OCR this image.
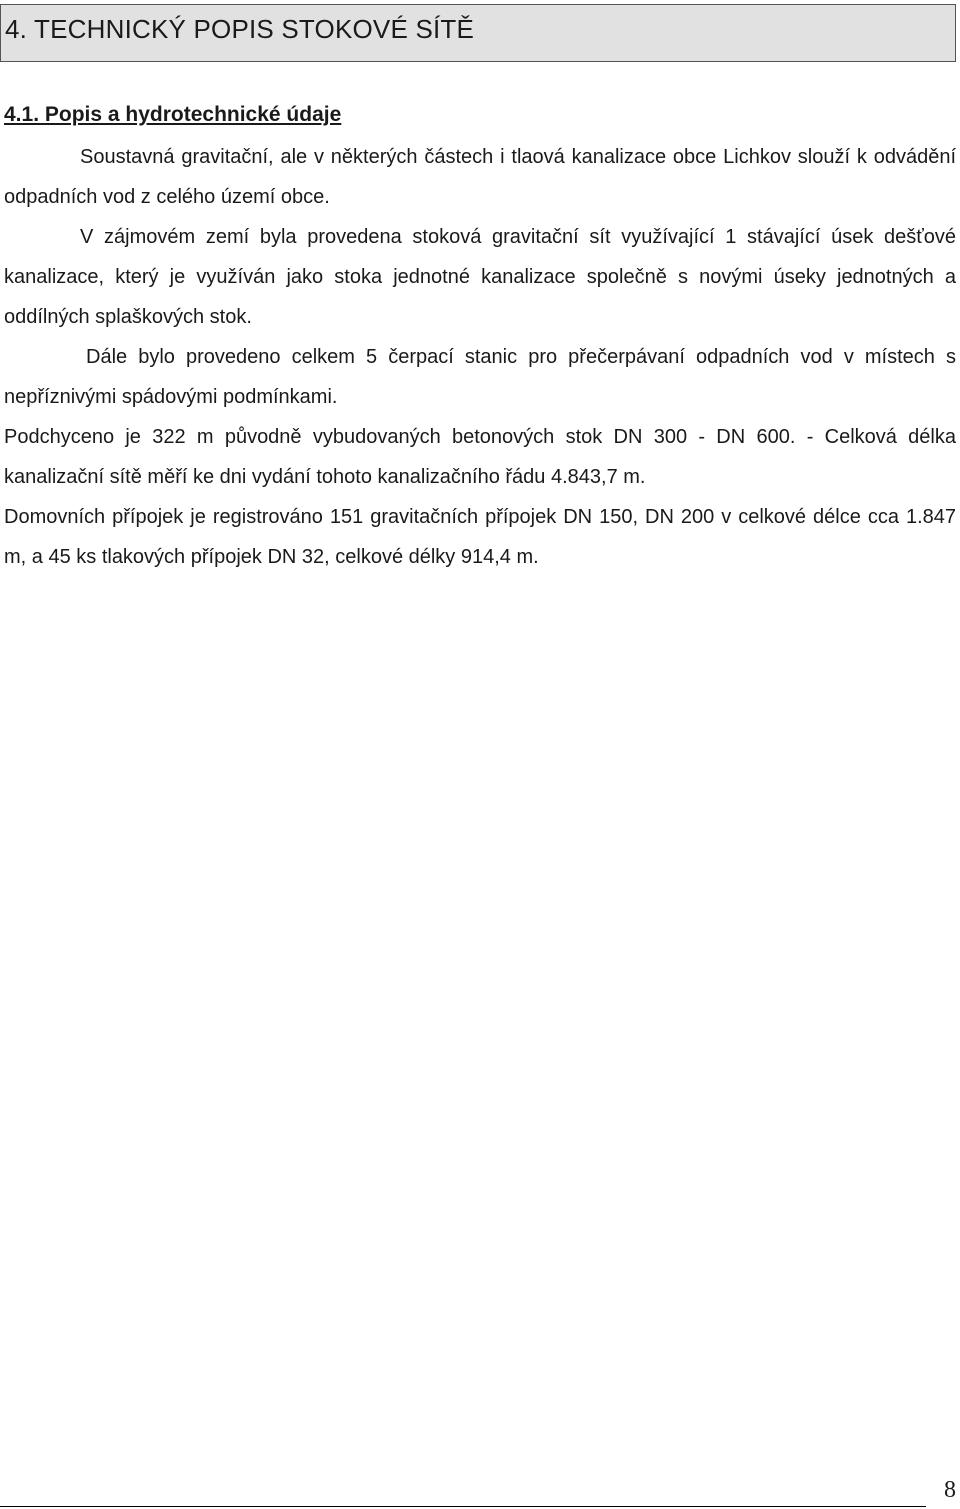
4. TECHNICKÝ POPIS STOKOVÉ SÍTĚ
4.1. Popis a hydrotechnické údaje

Soustavná gravitační, ale v některých částech i tlaová kanalizace obce Lichkov slouží k odvádění odpadních vod z celého území obce.

V zájmovém zemí byla provedena stoková gravitační sít využívající 1 stávající úsek dešťové kanalizace, který je využíván jako stoka jednotné kanalizace společně s novými úseky jednotných a oddílných splaškových stok.

Dále bylo provedeno celkem 5 čerpací stanic pro přečerpávaní odpadních vod v místech s nepříznivými spádovými podmínkami.

Podchyceno je 322 m původně vybudovaných betonových stok DN 300 - DN 600. - Celková délka kanalizační sítě měří ke dni vydání tohoto kanalizačního řádu 4.843,7 m.

Domovních přípojek je registrováno 151 gravitačních přípojek DN 150, DN 200 v celkové délce cca 1.847 m, a 45 ks tlakových přípojek DN 32, celkové délky 914,4 m.

8
